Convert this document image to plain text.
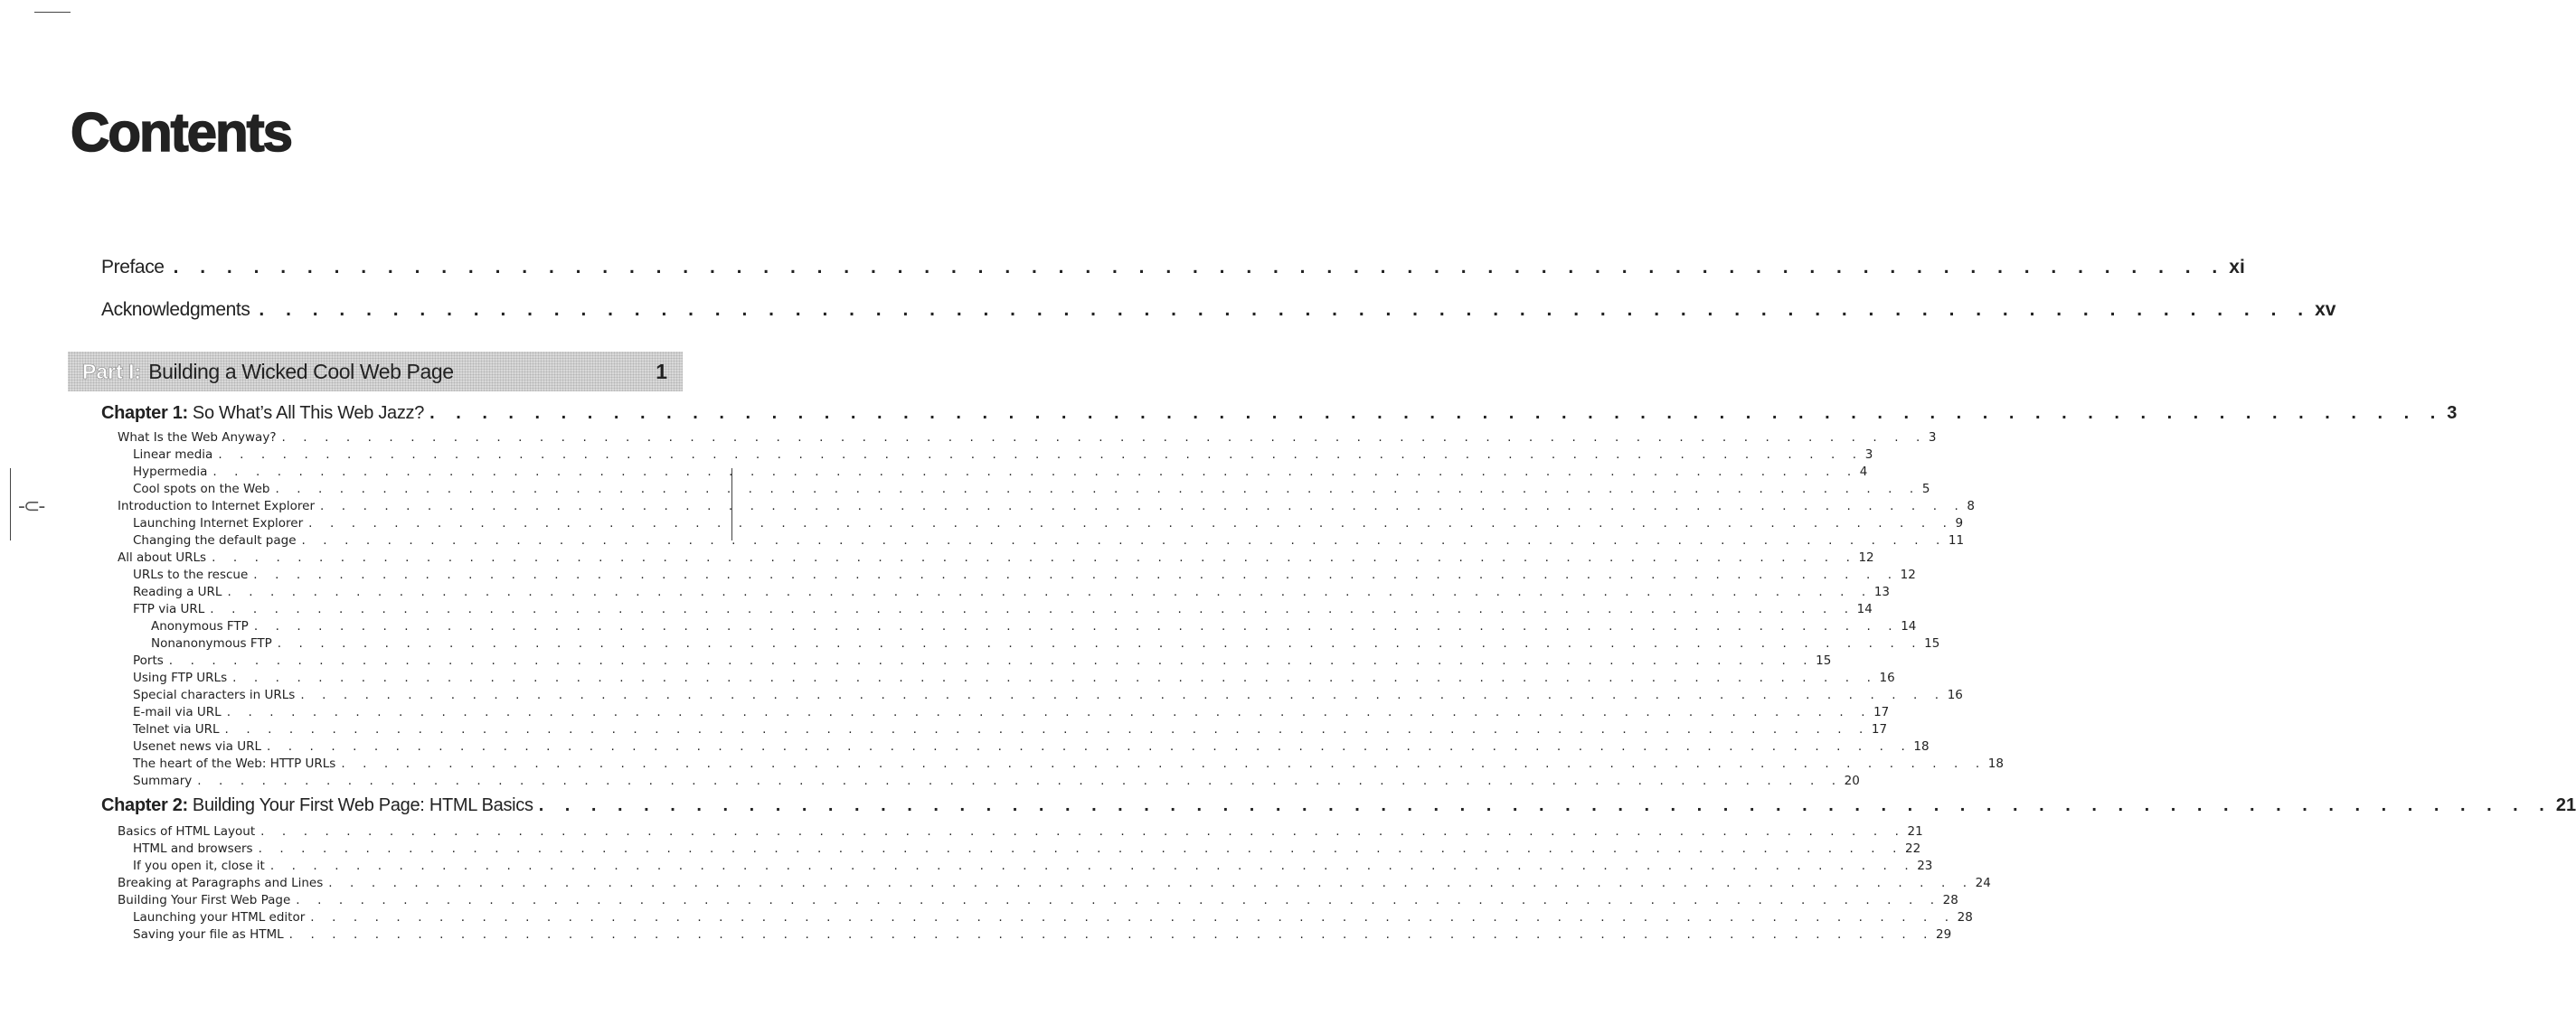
-⊂-
Contents
Preface . . . . . . . . . . . . . . . . . . . . . . . . . . . . . . . . . . . . . . . . . . . . . . . . . . . . . . . . . . . . . . . . . . . . . . . . . . . . . xi
Acknowledgments . . . . . . . . . . . . . . . . . . . . . . . . . . . . . . . . . . . . . . . . . . . . . . . . . . . . . . . . . . . . . . . . . . . . . . . . . . . . . xv
Part I: Building a Wicked Cool Web Page	1
Chapter 1: So What’s All This Web Jazz? . . . . . . . . . . . . . . . . . . . . . . . . . . . . . . . . . . . . . . . . . . . . . . . . . . . . . . . . . . . . . . . . . . . . . . . . . . . . . 3
What Is the Web Anyway? . . . . . . . . . . . . . . . . . . . . . . . . . . . . . . . . . . . . . . . . . . . . . . . . . . . . . . . . . . . . . . . . . . . . . . . . . . . . . 3
Linear media . . . . . . . . . . . . . . . . . . . . . . . . . . . . . . . . . . . . . . . . . . . . . . . . . . . . . . . . . . . . . . . . . . . . . . . . . . . . . 3
Hypermedia . . . . . . . . . . . . . . . . . . . . . . . . . . . . . . . . . . . . . . . . . . . . . . . . . . . . . . . . . . . . . . . . . . . . . . . . . . . . . 4
Cool spots on the Web . . . . . . . . . . . . . . . . . . . . . . . . . . . . . . . . . . . . . . . . . . . . . . . . . . . . . . . . . . . . . . . . . . . . . . . . . . . . . 5
Introduction to Internet Explorer . . . . . . . . . . . . . . . . . . . . . . . . . . . . . . . . . . . . . . . . . . . . . . . . . . . . . . . . . . . . . . . . . . . . . . . . . . . . . 8
Launching Internet Explorer . . . . . . . . . . . . . . . . . . . . . . . . . . . . . . . . . . . . . . . . . . . . . . . . . . . . . . . . . . . . . . . . . . . . . . . . . . . . . 9
Changing the default page . . . . . . . . . . . . . . . . . . . . . . . . . . . . . . . . . . . . . . . . . . . . . . . . . . . . . . . . . . . . . . . . . . . . . . . . . . . . . 11
All about URLs . . . . . . . . . . . . . . . . . . . . . . . . . . . . . . . . . . . . . . . . . . . . . . . . . . . . . . . . . . . . . . . . . . . . . . . . . . . . . 12
URLs to the rescue . . . . . . . . . . . . . . . . . . . . . . . . . . . . . . . . . . . . . . . . . . . . . . . . . . . . . . . . . . . . . . . . . . . . . . . . . . . . . 12
Reading a URL . . . . . . . . . . . . . . . . . . . . . . . . . . . . . . . . . . . . . . . . . . . . . . . . . . . . . . . . . . . . . . . . . . . . . . . . . . . . . 13
FTP via URL . . . . . . . . . . . . . . . . . . . . . . . . . . . . . . . . . . . . . . . . . . . . . . . . . . . . . . . . . . . . . . . . . . . . . . . . . . . . . 14
Anonymous FTP . . . . . . . . . . . . . . . . . . . . . . . . . . . . . . . . . . . . . . . . . . . . . . . . . . . . . . . . . . . . . . . . . . . . . . . . . . . . . 14
Nonanonymous FTP . . . . . . . . . . . . . . . . . . . . . . . . . . . . . . . . . . . . . . . . . . . . . . . . . . . . . . . . . . . . . . . . . . . . . . . . . . . . . 15
Ports . . . . . . . . . . . . . . . . . . . . . . . . . . . . . . . . . . . . . . . . . . . . . . . . . . . . . . . . . . . . . . . . . . . . . . . . . . . . . 15
Using FTP URLs . . . . . . . . . . . . . . . . . . . . . . . . . . . . . . . . . . . . . . . . . . . . . . . . . . . . . . . . . . . . . . . . . . . . . . . . . . . . . 16
Special characters in URLs . . . . . . . . . . . . . . . . . . . . . . . . . . . . . . . . . . . . . . . . . . . . . . . . . . . . . . . . . . . . . . . . . . . . . . . . . . . . . 16
E-mail via URL . . . . . . . . . . . . . . . . . . . . . . . . . . . . . . . . . . . . . . . . . . . . . . . . . . . . . . . . . . . . . . . . . . . . . . . . . . . . . 17
Telnet via URL . . . . . . . . . . . . . . . . . . . . . . . . . . . . . . . . . . . . . . . . . . . . . . . . . . . . . . . . . . . . . . . . . . . . . . . . . . . . . 17
Usenet news via URL . . . . . . . . . . . . . . . . . . . . . . . . . . . . . . . . . . . . . . . . . . . . . . . . . . . . . . . . . . . . . . . . . . . . . . . . . . . . . 18
The heart of the Web: HTTP URLs . . . . . . . . . . . . . . . . . . . . . . . . . . . . . . . . . . . . . . . . . . . . . . . . . . . . . . . . . . . . . . . . . . . . . . . . . . . . . 18
Summary . . . . . . . . . . . . . . . . . . . . . . . . . . . . . . . . . . . . . . . . . . . . . . . . . . . . . . . . . . . . . . . . . . . . . . . . . . . . . 20
Chapter 2: Building Your First Web Page: HTML Basics . . . . . . . . . . . . . . . . . . . . . . . . . . . . . . . . . . . . . . . . . . . . . . . . . . . . . . . . . . . . . . . . . . . . . . . . . . . . . 21
Basics of HTML Layout . . . . . . . . . . . . . . . . . . . . . . . . . . . . . . . . . . . . . . . . . . . . . . . . . . . . . . . . . . . . . . . . . . . . . . . . . . . . . 21
HTML and browsers . . . . . . . . . . . . . . . . . . . . . . . . . . . . . . . . . . . . . . . . . . . . . . . . . . . . . . . . . . . . . . . . . . . . . . . . . . . . . 22
If you open it, close it . . . . . . . . . . . . . . . . . . . . . . . . . . . . . . . . . . . . . . . . . . . . . . . . . . . . . . . . . . . . . . . . . . . . . . . . . . . . . 23
Breaking at Paragraphs and Lines . . . . . . . . . . . . . . . . . . . . . . . . . . . . . . . . . . . . . . . . . . . . . . . . . . . . . . . . . . . . . . . . . . . . . . . . . . . . . 24
Building Your First Web Page . . . . . . . . . . . . . . . . . . . . . . . . . . . . . . . . . . . . . . . . . . . . . . . . . . . . . . . . . . . . . . . . . . . . . . . . . . . . . 28
Launching your HTML editor . . . . . . . . . . . . . . . . . . . . . . . . . . . . . . . . . . . . . . . . . . . . . . . . . . . . . . . . . . . . . . . . . . . . . . . . . . . . . 28
Saving your file as HTML . . . . . . . . . . . . . . . . . . . . . . . . . . . . . . . . . . . . . . . . . . . . . . . . . . . . . . . . . . . . . . . . . . . . . . . . . . . . . 29
